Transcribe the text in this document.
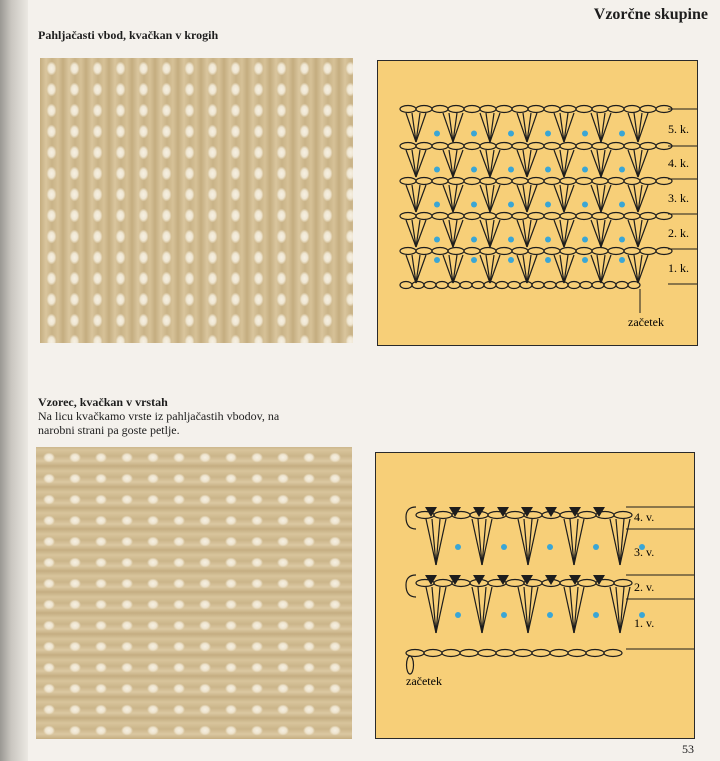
Vzorčne skupine
Pahljačasti vbod, kvačkan v krogih
5. k.
4. k.
3. k.
2. k.
1. k.
začetek
Vzorec, kvačkan v vrstah
Na licu kvačkamo vrste iz pahljačastih vbodov, na
narobni strani pa goste petlje.
4. v.
3. v.
2. v.
1. v.
začetek
53
